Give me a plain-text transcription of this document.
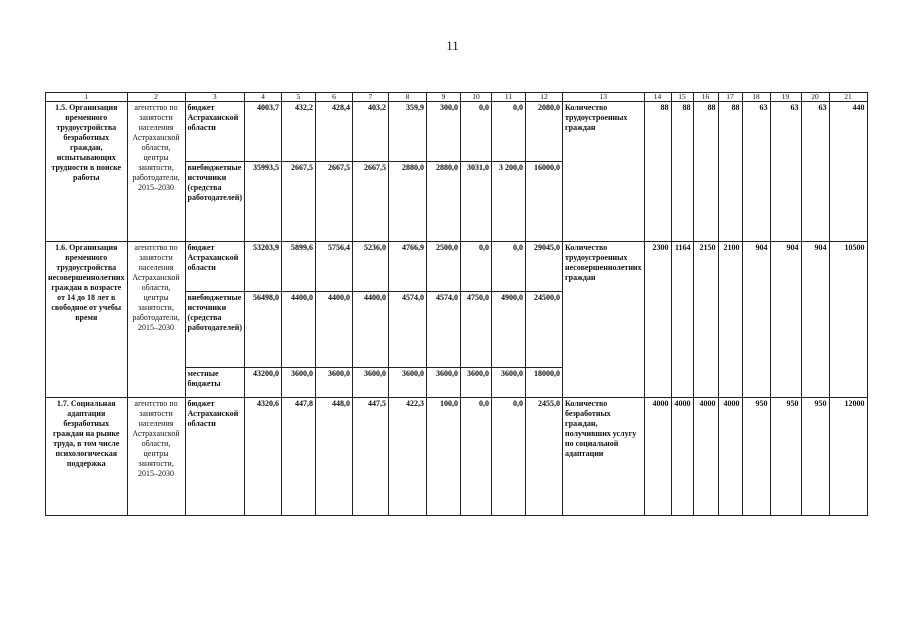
11
1	2	3	4	5	6	7	8	9	10	11	12	13	14	15	16	17	18	19	20	21
1.5. Организация временного трудоустройства безработных граждан, испытывающих трудности в поиске работы	агентство по занятости населения Астраханской области, центры занятости, работодатели, 2015–2030	бюджет Астраханской области	4003,7	432,2	428,4	403,2	359,9	300,0	0,0	0,0	2080,0	Количество трудоустроенных граждан	88	88	88	88	63	63	63	440
		внебюджетные источники (средства работодателей)	35993,5	2667,5	2667,5	2667,5	2880,0	2880,0	3031,0	3 200,0	16000,0									
1.6. Организация временного трудоустройства несовершеннолетних граждан в возрасте от 14 до 18 лет в свободное от учебы время	агентство по занятости населения Астраханской области, центры занятости, работодатели, 2015–2030	бюджет Астраханской области	53203,9	5899,6	5756,4	5236,0	4766,9	2500,0	0,0	0,0	29045,0	Количество трудоустроенных несовершеннолетних граждан	2300	1164	2150	2100	904	904	904	10500
		внебюджетные источники (средства работодателей)	56498,0	4400,0	4400,0	4400,0	4574,0	4574,0	4750,0	4900,0	24500,0									
		местные бюджеты	43200,0	3600,0	3600,0	3600,0	3600,0	3600,0	3600,0	3600,0	18000,0									
1.7. Социальная адаптация безработных граждан на рынке труда, в том числе психологическая поддержка	агентство по занятости населения Астраханской области, центры занятости, 2015–2030	бюджет Астраханской области	4320,6	447,8	448,0	447,5	422,3	100,0	0,0	0,0	2455,0	Количество безработных граждан, получивших услугу по социальной адаптации	4000	4000	4000	4000	950	950	950	12000
